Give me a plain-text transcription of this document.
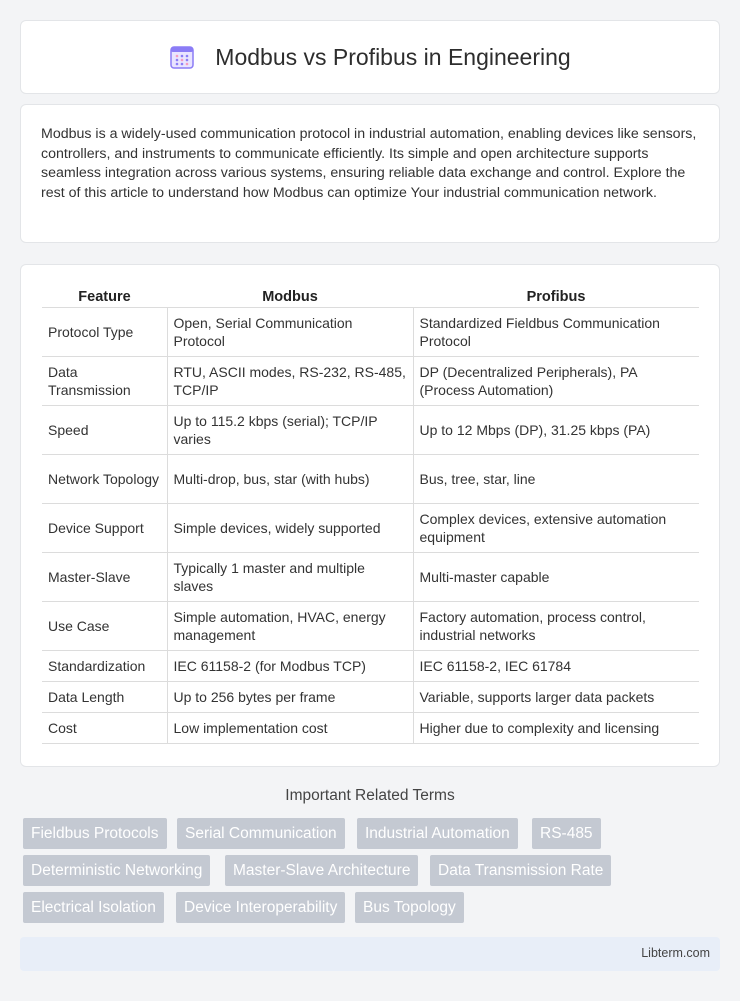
Modbus vs Profibus in Engineering

Modbus is a widely-used communication protocol in industrial automation, enabling devices like sensors, controllers, and instruments to communicate efficiently. Its simple and open architecture supports seamless integration across various systems, ensuring reliable data exchange and control. Explore the rest of this article to understand how Modbus can optimize Your industrial communication network.

Feature	Modbus	Profibus
Protocol Type	Open, Serial Communication Protocol	Standardized Fieldbus Communication Protocol
Data Transmission	RTU, ASCII modes, RS-232, RS-485, TCP/IP	DP (Decentralized Peripherals), PA (Process Automation)
Speed	Up to 115.2 kbps (serial); TCP/IP varies	Up to 12 Mbps (DP), 31.25 kbps (PA)
Network Topology	Multi-drop, bus, star (with hubs)	Bus, tree, star, line
Device Support	Simple devices, widely supported	Complex devices, extensive automation equipment
Master-Slave	Typically 1 master and multiple slaves	Multi-master capable
Use Case	Simple automation, HVAC, energy management	Factory automation, process control, industrial networks
Standardization	IEC 61158-2 (for Modbus TCP)	IEC 61158-2, IEC 61784
Data Length	Up to 256 bytes per frame	Variable, supports larger data packets
Cost	Low implementation cost	Higher due to complexity and licensing
Important Related Terms
Fieldbus Protocols	Serial Communication	Industrial Automation	RS-485
Deterministic Networking	Master-Slave Architecture	Data Transmission Rate
Electrical Isolation	Device Interoperability	Bus Topology
Libterm.com
